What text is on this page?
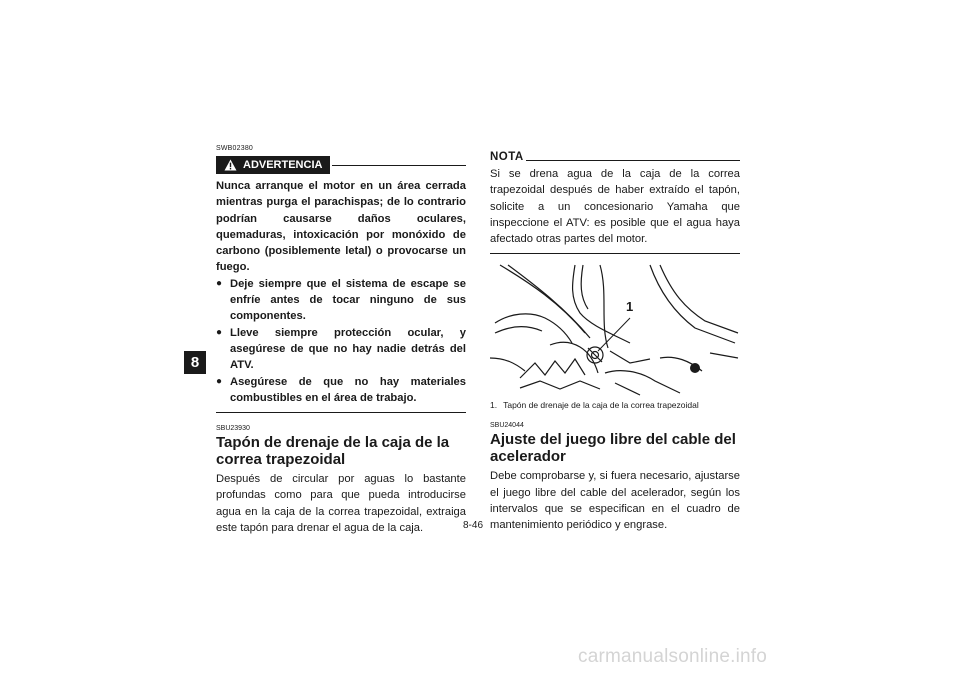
8
SWB02380
ADVERTENCIA
Nunca arranque el motor en un área cerrada mientras purga el parachispas; de lo contrario podrían causarse daños oculares, quemaduras, intoxicación por monóxido de carbono (posiblemente letal) o provocarse un fuego.
● Deje siempre que el sistema de escape se enfríe antes de tocar ninguno de sus componentes.
● Lleve siempre protección ocular, y asegúrese de que no hay nadie detrás del ATV.
● Asegúrese de que no hay materiales combustibles en el área de trabajo.
SBU23930
Tapón de drenaje de la caja de la correa trapezoidal
Después de circular por aguas lo bastante profundas como para que pueda introducirse agua en la caja de la correa trapezoidal, extraiga este tapón para drenar el agua de la caja.
NOTA
Si se drena agua de la caja de la correa trapezoidal después de haber extraído el tapón, solicite a un concesionario Yamaha que inspeccione el ATV: es posible que el agua haya afectado otras partes del motor.
1
1. Tapón de drenaje de la caja de la correa trapezoidal
SBU24044
Ajuste del juego libre del cable del acelerador
Debe comprobarse y, si fuera necesario, ajustarse el juego libre del cable del acelerador, según los intervalos que se especifican en el cuadro de mantenimiento periódico y engrase.
8-46
carmanualsonline.info
